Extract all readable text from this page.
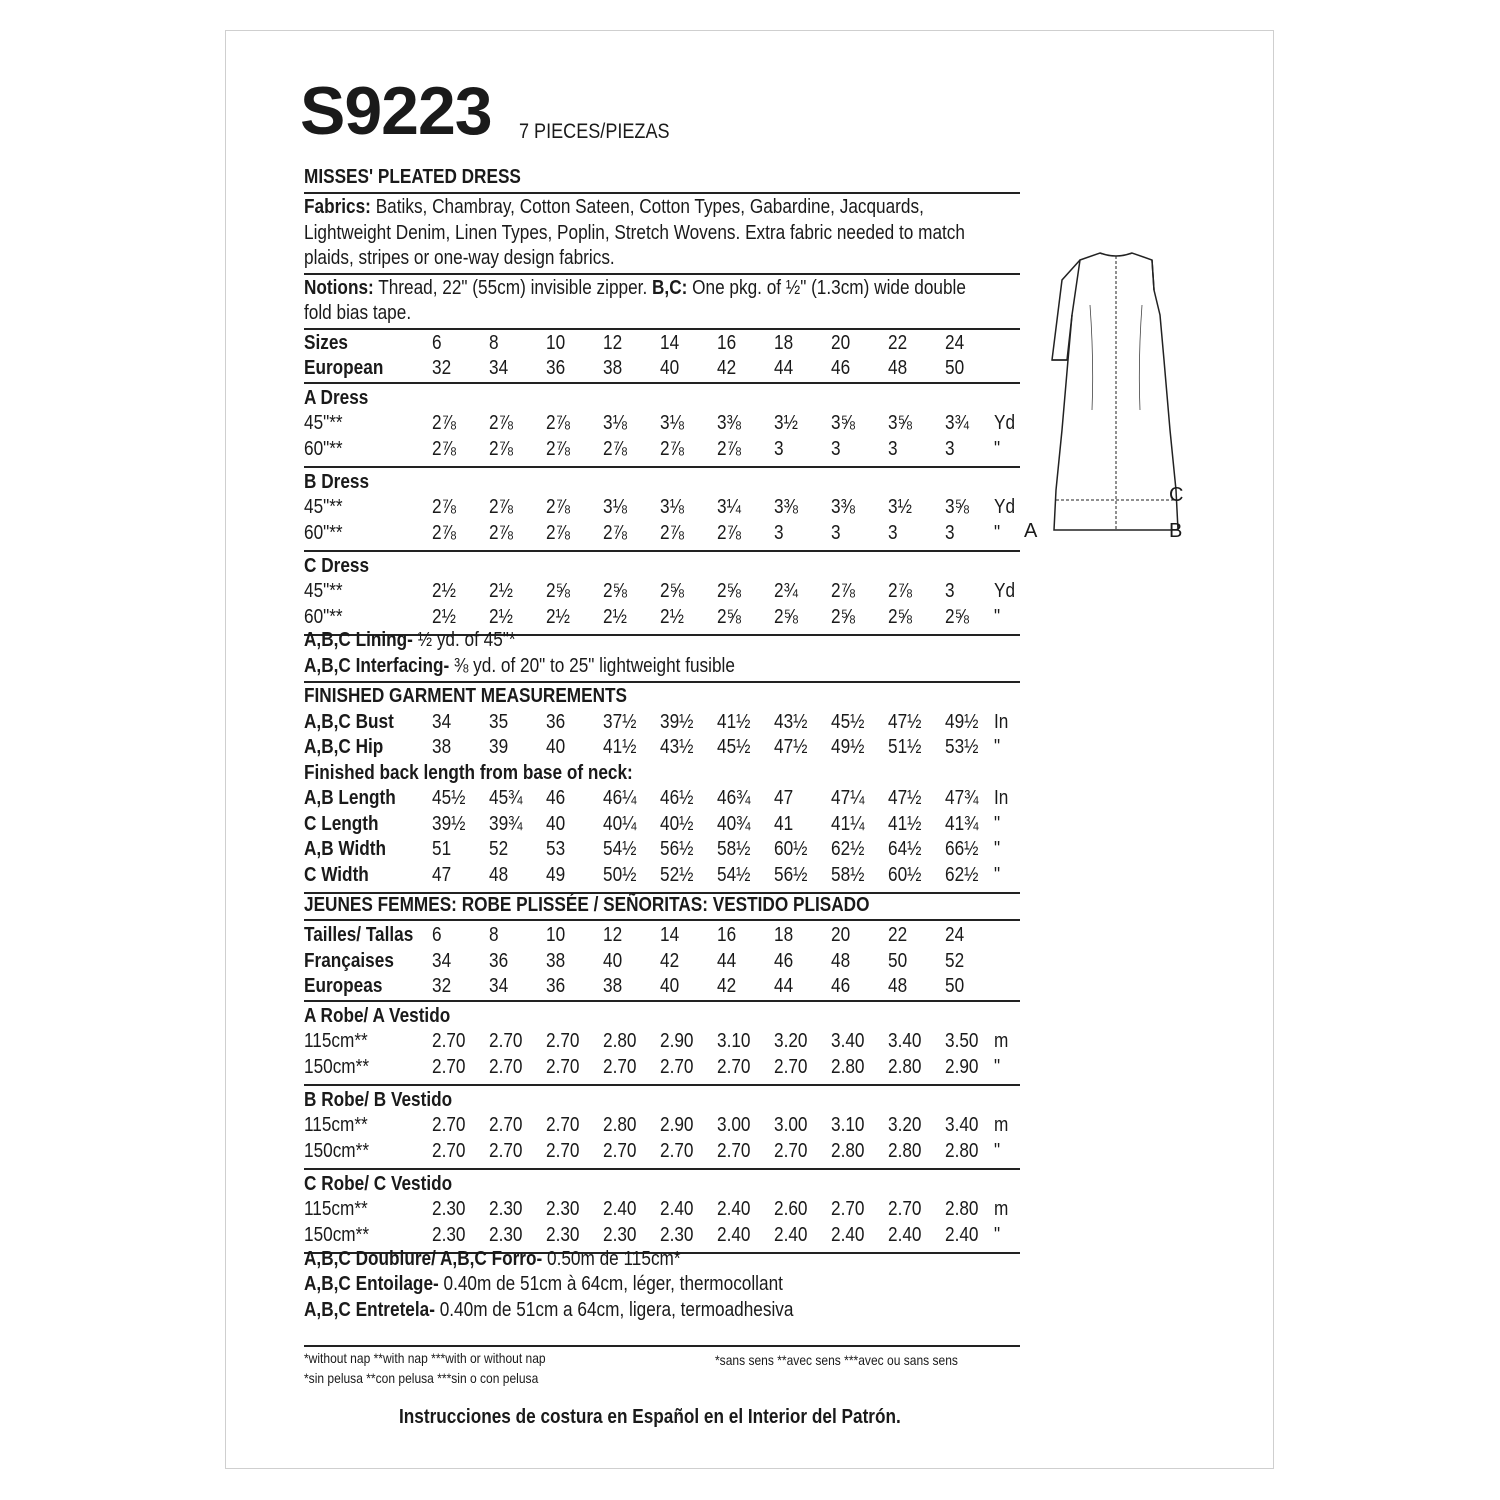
S9223 7 PIECES/PIEZAS
MISSES' PLEATED DRESS
Fabrics: Batiks, Chambray, Cotton Sateen, Cotton Types, Gabardine, Jacquards,
Lightweight Denim, Linen Types, Poplin, Stretch Wovens. Extra fabric needed to match
plaids, stripes or one-way design fabrics.
Notions: Thread, 22" (55cm) invisible zipper. B,C: One pkg. of ½" (1.3cm) wide double
fold bias tape.
Sizes	6 8 10 12 14 16 18 20 22 24
European 32 34 36 38 40 42 44 46 48 50
A Dress
45"**	2⅞ 2⅞ 2⅞ 3⅛ 3⅛ 3⅜ 3½ 3⅝ 3⅝ 3¾ Yd
60"**	2⅞ 2⅞ 2⅞ 2⅞ 2⅞ 2⅞ 3 3 3 3 "
B Dress
45"**	2⅞ 2⅞ 2⅞ 3⅛ 3⅛ 3¼ 3⅜ 3⅜ 3½ 3⅝ Yd
60"**	2⅞ 2⅞ 2⅞ 2⅞ 2⅞ 2⅞ 3 3 3 3 "
C Dress
45"**	2½ 2½ 2⅝ 2⅝ 2⅝ 2⅝ 2¾ 2⅞ 2⅞ 3 Yd
60"**	2½ 2½ 2½ 2½ 2½ 2⅝ 2⅝ 2⅝ 2⅝ 2⅝ "
A,B,C Lining- ½ yd. of 45"*
A,B,C Interfacing- ⅜ yd. of 20" to 25" lightweight fusible
FINISHED GARMENT MEASUREMENTS
A,B,C Bust 34 35 36 37½ 39½ 41½ 43½ 45½ 47½ 49½ In
A,B,C Hip 38 39 40 41½ 43½ 45½ 47½ 49½ 51½ 53½ "
Finished back length from base of neck:
A,B Length 45½ 45¾ 46 46¼ 46½ 46¾ 47 47¼ 47½ 47¾ In
C Length	39½ 39¾ 40 40¼ 40½ 40¾ 41 41¼ 41½ 41¾ "
A,B Width 51 52 53 54½ 56½ 58½ 60½ 62½ 64½ 66½ "
C Width	47 48 49 50½ 52½ 54½ 56½ 58½ 60½ 62½ "
JEUNES FEMMES: ROBE PLISSÉE / SEÑORITAS: VESTIDO PLISADO
Tailles/ Tallas 6 8 10 12 14 16 18 20 22 24
Françaises 34 36 38 40 42 44 46 48 50 52
Europeas 32 34 36 38 40 42 44 46 48 50
A Robe/ A Vestido
115cm**	2.70 2.70 2.70 2.80 2.90 3.10 3.20 3.40 3.40 3.50 m
150cm**	2.70 2.70 2.70 2.70 2.70 2.70 2.70 2.80 2.80 2.90 "
B Robe/ B Vestido
115cm**	2.70 2.70 2.70 2.80 2.90 3.00 3.00 3.10 3.20 3.40 m
150cm**	2.70 2.70 2.70 2.70 2.70 2.70 2.70 2.80 2.80 2.80 "
C Robe/ C Vestido
115cm**	2.30 2.30 2.30 2.40 2.40 2.40 2.60 2.70 2.70 2.80 m
150cm**	2.30 2.30 2.30 2.30 2.30 2.40 2.40 2.40 2.40 2.40 "
A,B,C Doublure/ A,B,C Forro- 0.50m de 115cm*
A,B,C Entoilage- 0.40m de 51cm à 64cm, léger, thermocollant
A,B,C Entretela- 0.40m de 51cm a 64cm, ligera, termoadhesiva
*without nap **with nap ***with or without nap
*sin pelusa **con pelusa ***sin o con pelusa
*sans sens **avec sens ***avec ou sans sens
Instrucciones de costura en Español en el Interior del Patrón.
A	B
C
